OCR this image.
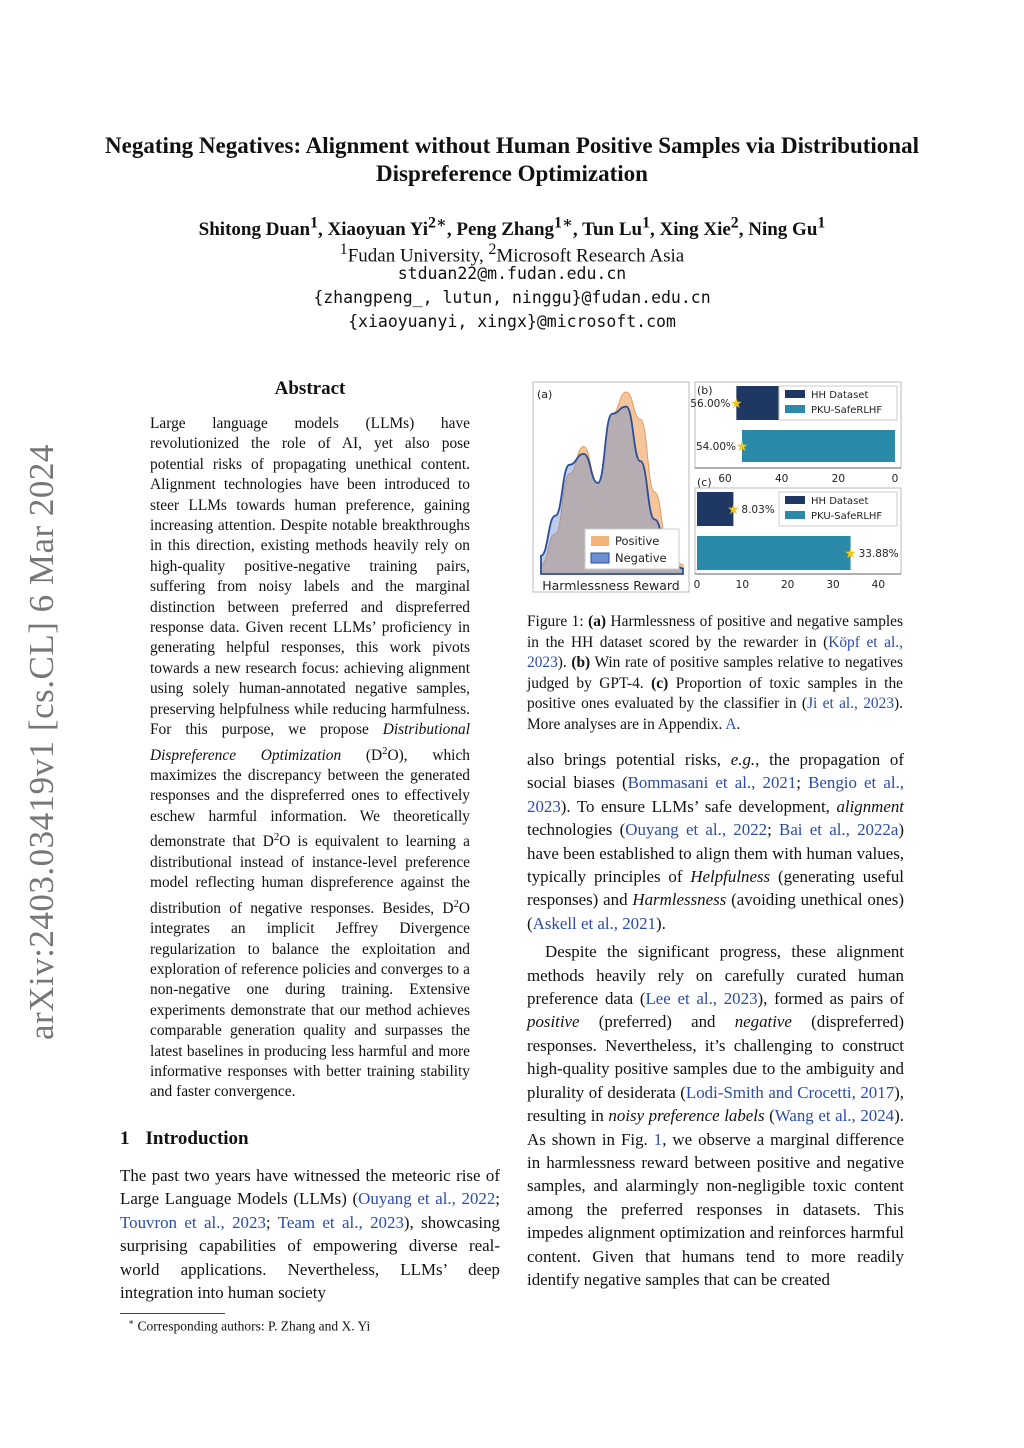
arXiv:2403.03419v1 [cs.CL] 6 Mar 2024
Negating Negatives: Alignment without Human Positive Samples via Distributional Dispreference Optimization
Shitong Duan$^1$, Xiaoyuan $Yi^{2∗}$, Peng Zhang$^{1∗}$, Tun Lu$^1$, Xing Xie$^2$, Ning Gu$^1$
$^1$Fudan University, $^2$Microsoft Research Asia
stduan22@m.fudan.edu.cn
{zhangpeng_, lutun, ninggu}@fudan.edu.cn
{xiaoyuanyi, xingx}@microsoft.com
Abstract
Large language models (LLMs) have revolutionized the role of AI, yet also pose potential risks of propagating unethical content. Alignment technologies have been introduced to steer LLMs towards human preference, gaining increasing attention. Despite notable breakthroughs in this direction, existing methods heavily rely on high-quality positive-negative training pairs, suffering from noisy labels and the marginal distinction between preferred and dispreferred response data. Given recent LLMs’ proficiency in generating helpful responses, this work pivots towards a new research focus: achieving alignment using solely human-annotated negative samples, preserving helpfulness while reducing harmfulness. For this purpose, we propose Distributional Dispreference Optimization $(D^2O)$, which maximizes the discrepancy between the generated responses and the dispreferred ones to effectively eschew harmful information. We theoretically demonstrate that $D^2O$ is equivalent to learning a distributional instead of instance-level preference model reflecting human dispreference against the distribution of negative responses. Besides, $D^2O$ integrates an implicit Jeffrey Divergence regularization to balance the exploitation and exploration of reference policies and converges to a non-negative one during training. Extensive experiments demonstrate that our method achieves comparable generation quality and surpasses the latest baselines in producing less harmful and more informative responses with better training stability and faster convergence.
1 Introduction
The past two years have witnessed the meteoric rise of Large Language Models (LLMs) (Ouyang et al., 2022; Touvron et al., 2023; Team et al., 2023), showcasing surprising capabilities of empowering diverse real-world applications. Nevertheless, LLMs’ deep integration into human society
∗ Corresponding authors: P. Zhang and X. Yi
(a)
Positive
Negative
Harmlessness Reward
(b)
56.00%
54.00%
★
★
HH Dataset
PKU-SafeRLHF
60	40	20	0
(c)
8.03%
33.88%
★
★
HH Dataset
PKU-SafeRLHF
0	10	20	30	40
Figure 1: (a) Harmlessness of positive and negative samples in the HH dataset scored by the rewarder in (Köpf et al., 2023). (b) Win rate of positive samples relative to negatives judged by GPT-4. (c) Proportion of toxic samples in the positive ones evaluated by the classifier in (Ji et al., 2023). More analyses are in Appendix. A.

also brings potential risks, e.g., the propagation of social biases (Bommasani et al., 2021; Bengio et al., 2023). To ensure LLMs’ safe development, alignment technologies (Ouyang et al., 2022; Bai et al., 2022a) have been established to align them with human values, typically principles of Helpfulness (generating useful responses) and Harmlessness (avoiding unethical ones) (Askell et al., 2021).

Despite the significant progress, these alignment methods heavily rely on carefully curated human preference data (Lee et al., 2023), formed as pairs of positive (preferred) and negative (dispreferred) responses. Nevertheless, it’s challenging to construct high-quality positive samples due to the ambiguity and plurality of desiderata (Lodi-Smith and Crocetti, 2017), resulting in noisy preference labels (Wang et al., 2024). As shown in Fig. 1, we observe a marginal difference in harmlessness reward between positive and negative samples, and alarmingly non-negligible toxic content among the preferred responses in datasets. This impedes alignment optimization and reinforces harmful content. Given that humans tend to more readily identify negative samples that can be created
